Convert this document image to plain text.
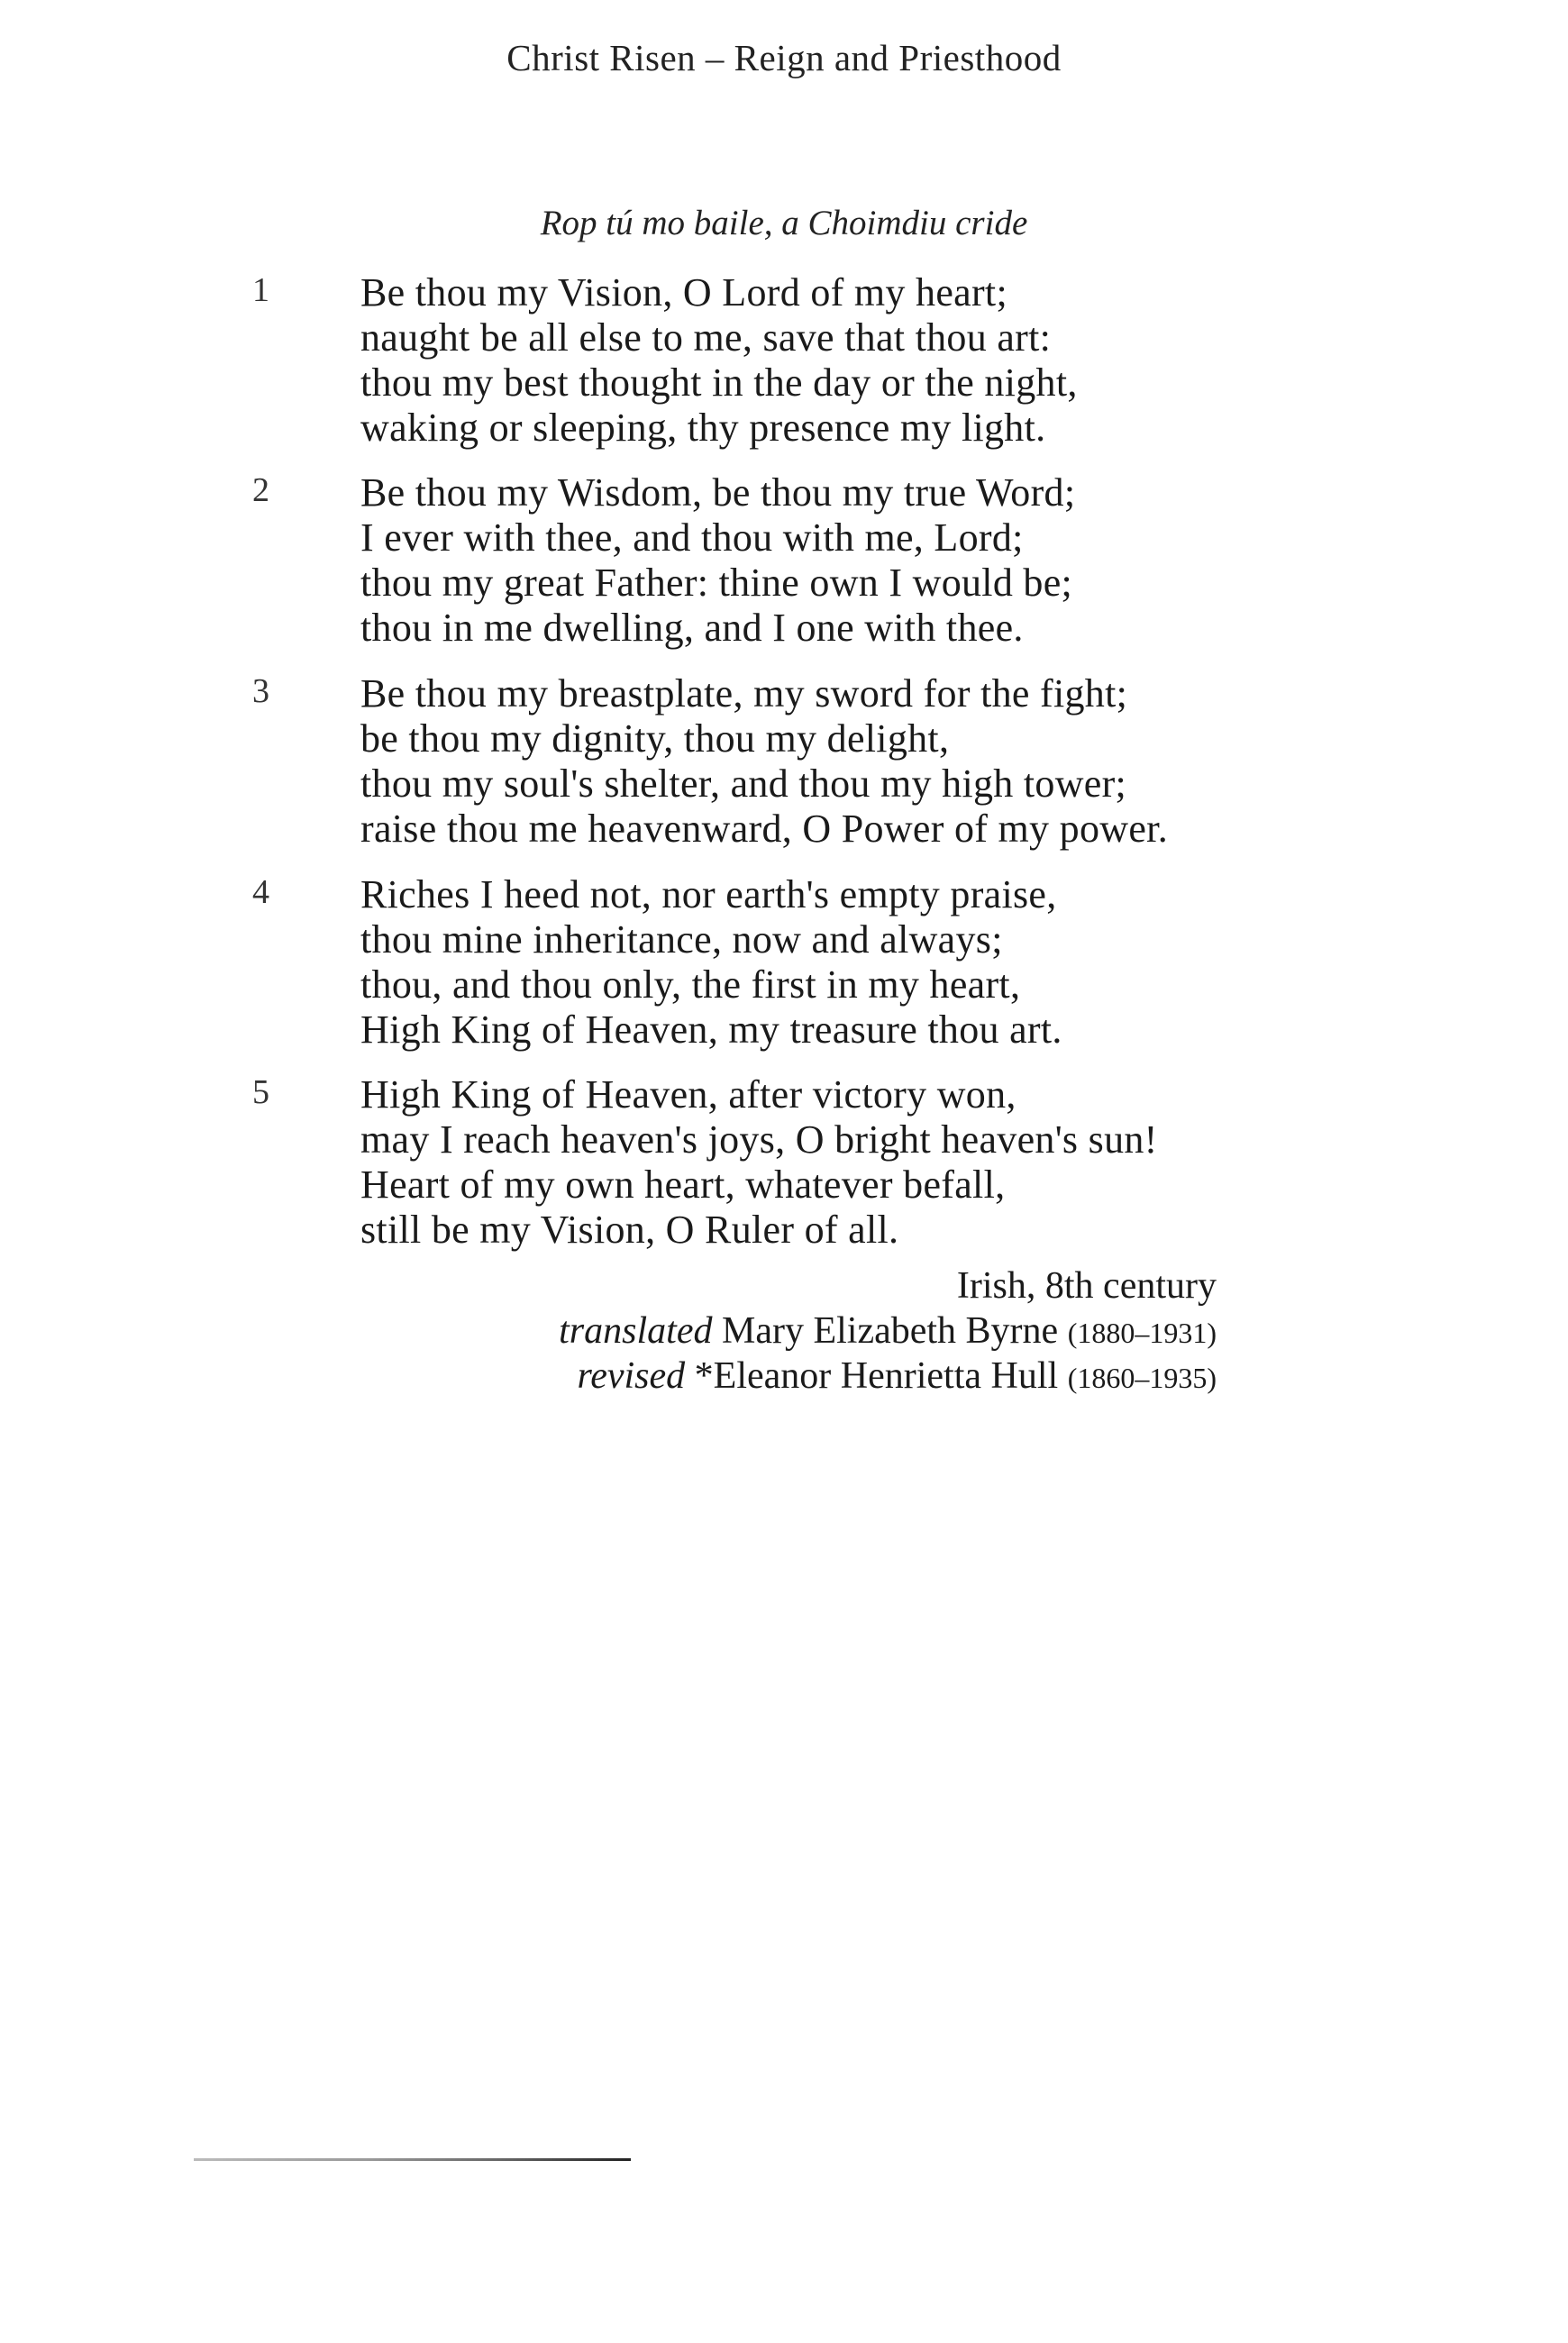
Christ Risen – Reign and Priesthood
Rop tú mo baile, a Choimdiu cride
1	Be thou my Vision, O Lord of my heart;
naught be all else to me, save that thou art:
thou my best thought in the day or the night,
waking or sleeping, thy presence my light.
2	Be thou my Wisdom, be thou my true Word;
I ever with thee, and thou with me, Lord;
thou my great Father: thine own I would be;
thou in me dwelling, and I one with thee.
3	Be thou my breastplate, my sword for the fight;
be thou my dignity, thou my delight,
thou my soul's shelter, and thou my high tower;
raise thou me heavenward, O Power of my power.
4	Riches I heed not, nor earth's empty praise,
thou mine inheritance, now and always;
thou, and thou only, the first in my heart,
High King of Heaven, my treasure thou art.
5	High King of Heaven, after victory won,
may I reach heaven's joys, O bright heaven's sun!
Heart of my own heart, whatever befall,
still be my Vision, O Ruler of all.
Irish, 8th century
translated Mary Elizabeth Byrne (1880–1931)
revised *Eleanor Henrietta Hull (1860–1935)
